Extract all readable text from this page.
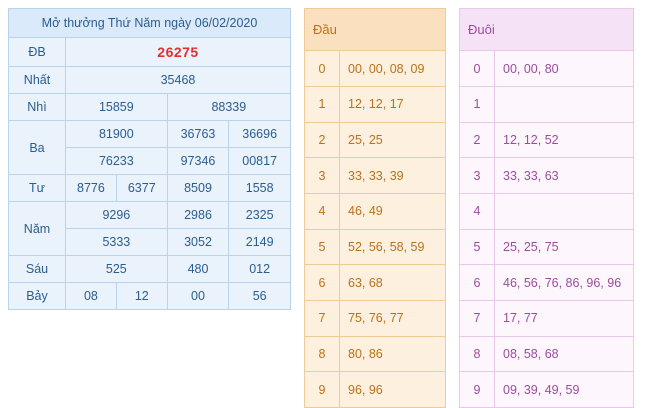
Mở thưởng Thứ Năm ngày 06/02/2020				
ĐB	26275			
Nhất	35468			
Nhì	15859		88339	
Ba	81900		36763	36696
	76233		97346	00817
Tư	8776	6377	8509	1558
Năm	9296		2986	2325
	5333		3052	2149
Sáu	525		480	012
Bảy	08	12	00	56
Đầu	
0	00, 00, 08, 09
1	12, 12, 17
2	25, 25
3	33, 33, 39
4	46, 49
5	52, 56, 58, 59
6	63, 68
7	75, 76, 77
8	80, 86
9	96, 96
Đuôi	
0	00, 00, 80
1	
2	12, 12, 52
3	33, 33, 63
4	
5	25, 25, 75
6	46, 56, 76, 86, 96, 96
7	17, 77
8	08, 58, 68
9	09, 39, 49, 59
